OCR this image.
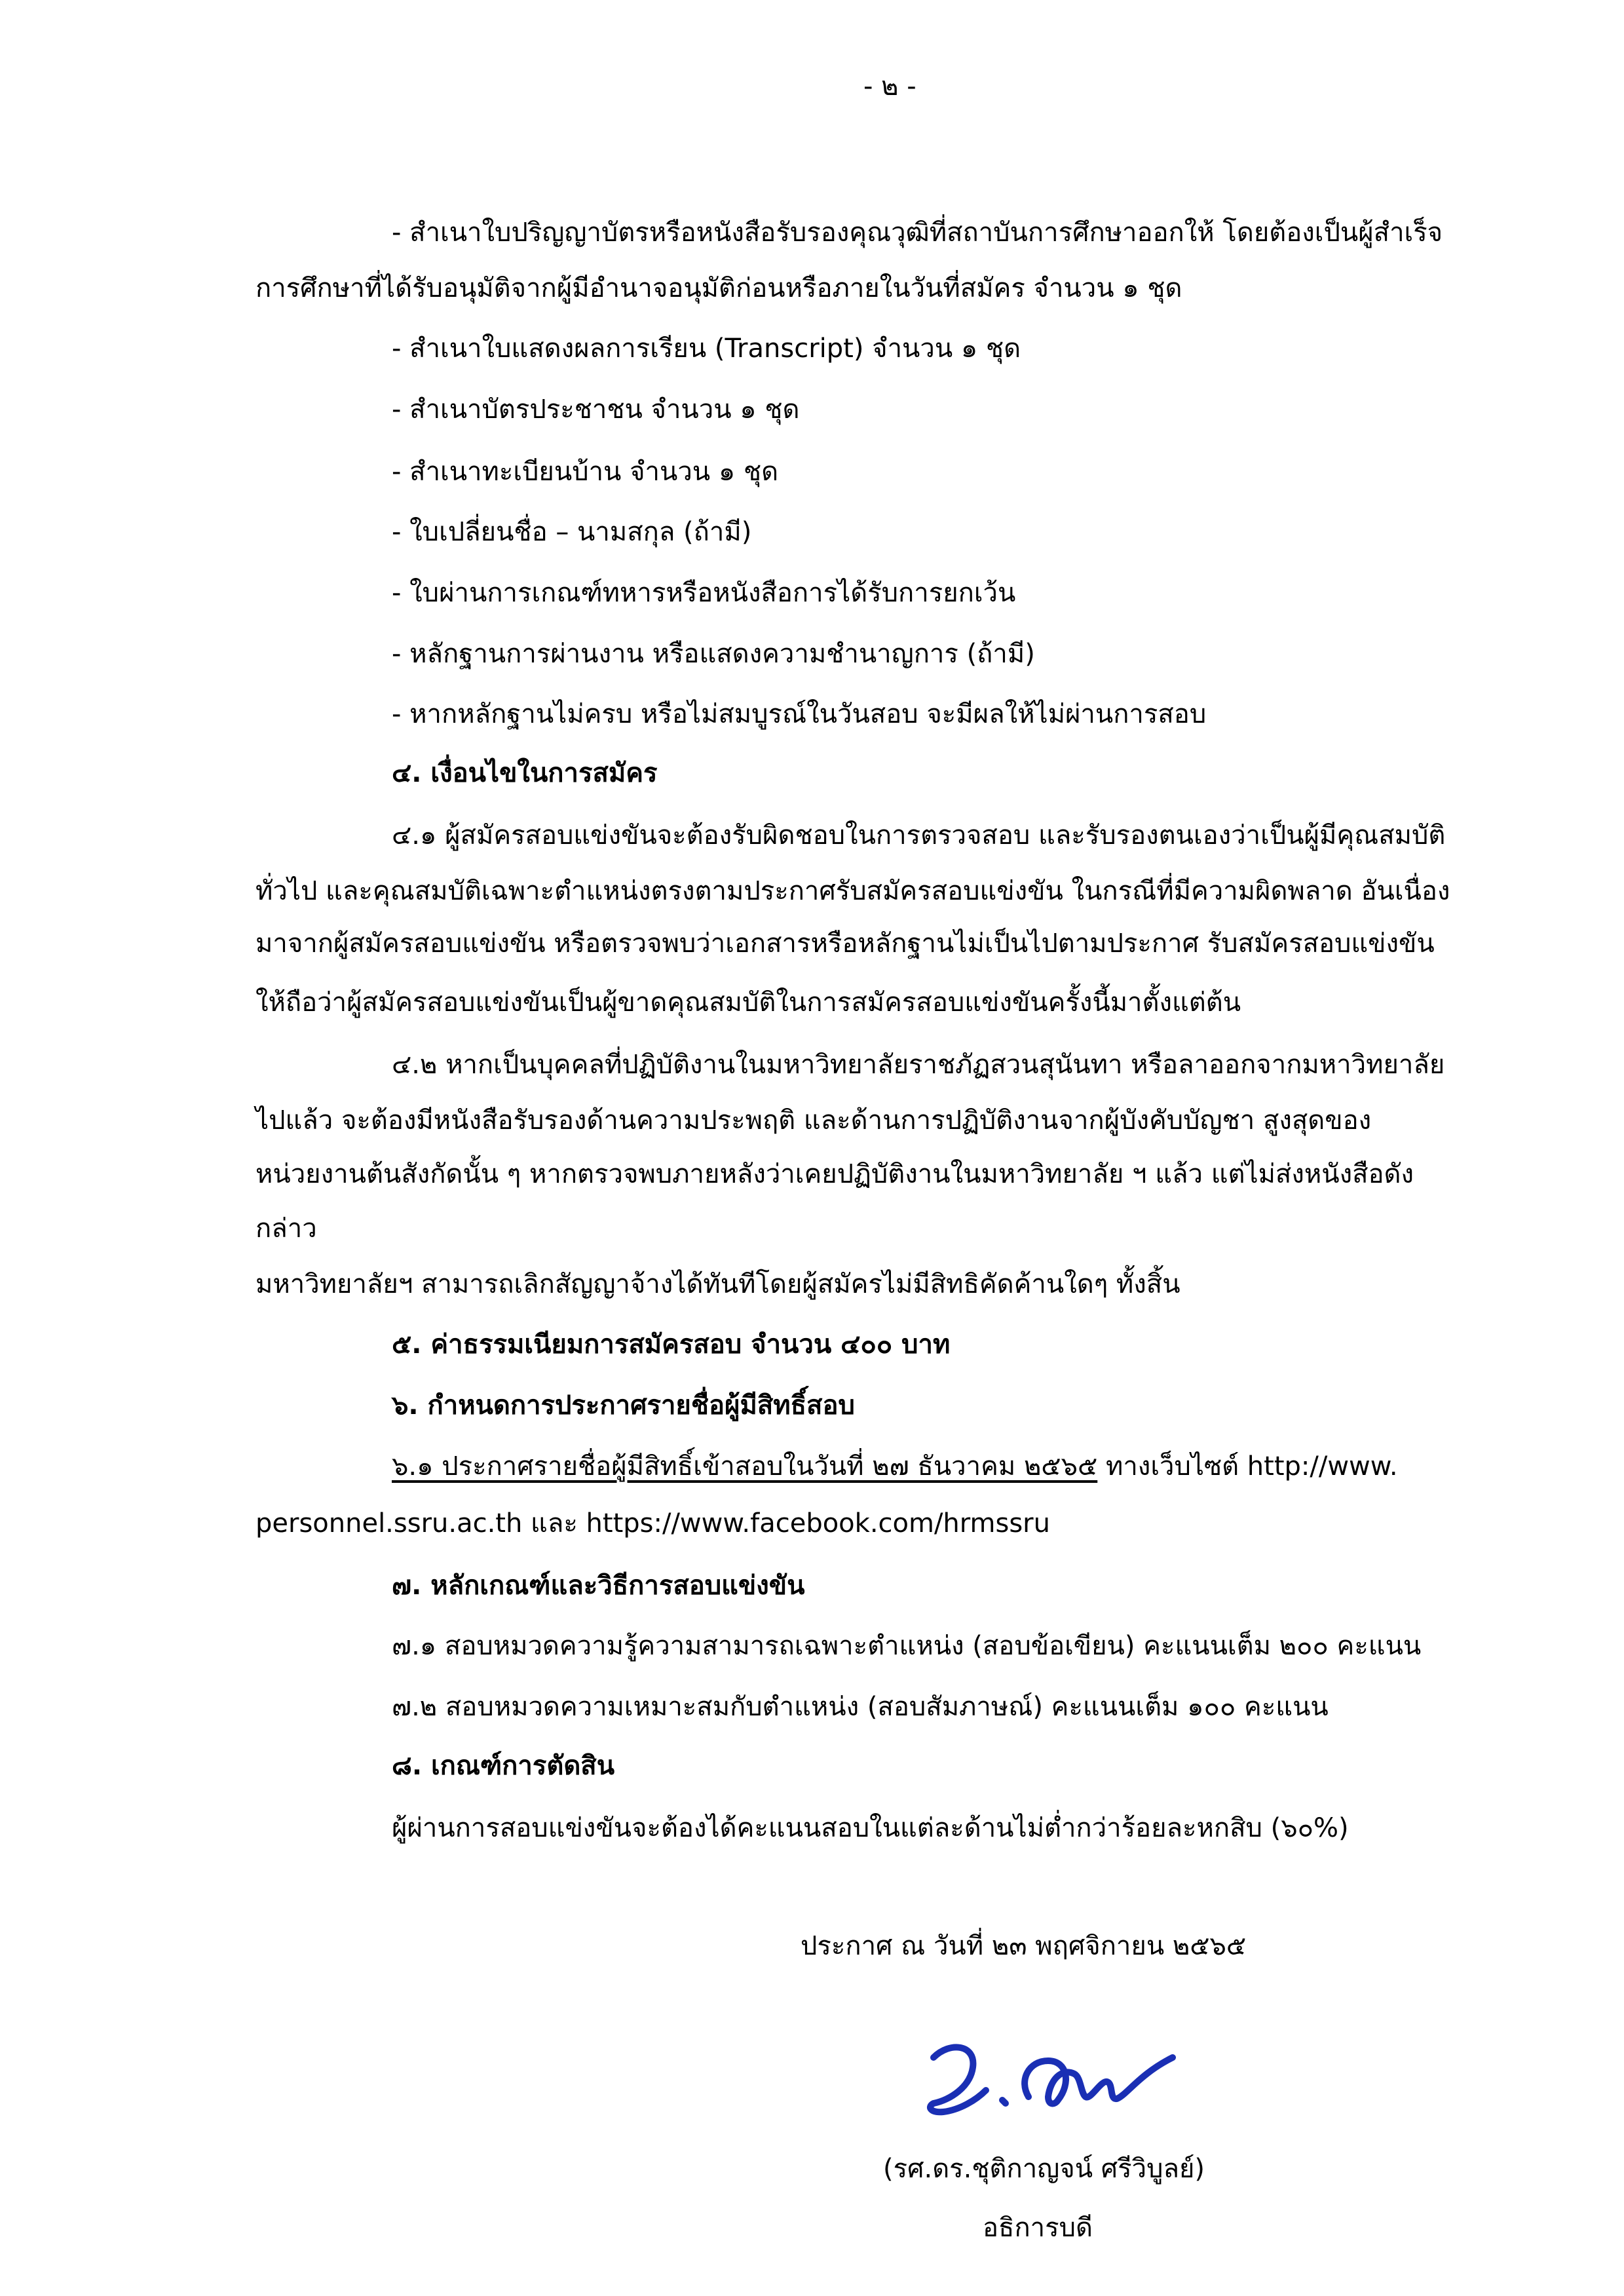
- ๒ -
- สำเนาใบปริญญาบัตรหรือหนังสือรับรองคุณวุฒิที่สถาบันการศึกษาออกให้ โดยต้องเป็นผู้สำเร็จ
การศึกษาที่ได้รับอนุมัติจากผู้มีอำนาจอนุมัติก่อนหรือภายในวันที่สมัคร จำนวน ๑ ชุด
- สำเนาใบแสดงผลการเรียน (Transcript) จำนวน ๑ ชุด
- สำเนาบัตรประชาชน จำนวน ๑ ชุด
- สำเนาทะเบียนบ้าน จำนวน ๑ ชุด
- ใบเปลี่ยนชื่อ – นามสกุล (ถ้ามี)
- ใบผ่านการเกณฑ์ทหารหรือหนังสือการได้รับการยกเว้น
- หลักฐานการผ่านงาน หรือแสดงความชำนาญการ (ถ้ามี)
- หากหลักฐานไม่ครบ หรือไม่สมบูรณ์ในวันสอบ จะมีผลให้ไม่ผ่านการสอบ
๔. เงื่อนไขในการสมัคร
๔.๑ ผู้สมัครสอบแข่งขันจะต้องรับผิดชอบในการตรวจสอบ และรับรองตนเองว่าเป็นผู้มีคุณสมบัติ
ทั่วไป และคุณสมบัติเฉพาะตำแหน่งตรงตามประกาศรับสมัครสอบแข่งขัน ในกรณีที่มีความผิดพลาด อันเนื่อง
มาจากผู้สมัครสอบแข่งขัน หรือตรวจพบว่าเอกสารหรือหลักฐานไม่เป็นไปตามประกาศ รับสมัครสอบแข่งขัน
ให้ถือว่าผู้สมัครสอบแข่งขันเป็นผู้ขาดคุณสมบัติในการสมัครสอบแข่งขันครั้งนี้มาตั้งแต่ต้น
๔.๒ หากเป็นบุคคลที่ปฏิบัติงานในมหาวิทยาลัยราชภัฏสวนสุนันทา หรือลาออกจากมหาวิทยาลัย
ไปแล้ว จะต้องมีหนังสือรับรองด้านความประพฤติ และด้านการปฏิบัติงานจากผู้บังคับบัญชา สูงสุดของ
หน่วยงานต้นสังกัดนั้น ๆ หากตรวจพบภายหลังว่าเคยปฏิบัติงานในมหาวิทยาลัย ฯ แล้ว แต่ไม่ส่งหนังสือดัง
กล่าว
มหาวิทยาลัยฯ สามารถเลิกสัญญาจ้างได้ทันทีโดยผู้สมัครไม่มีสิทธิคัดค้านใดๆ ทั้งสิ้น
๕. ค่าธรรมเนียมการสมัครสอบ จำนวน ๔๐๐ บาท
๖. กำหนดการประกาศรายชื่อผู้มีสิทธิ์สอบ
๖.๑ ประกาศรายชื่อผู้มีสิทธิ์เข้าสอบในวันที่ ๒๗ ธันวาคม ๒๕๖๕ ทางเว็บไซต์ http://www.
personnel.ssru.ac.th และ https://www.facebook.com/hrmssru
๗. หลักเกณฑ์และวิธีการสอบแข่งขัน
๗.๑ สอบหมวดความรู้ความสามารถเฉพาะตำแหน่ง (สอบข้อเขียน) คะแนนเต็ม ๒๐๐ คะแนน
๗.๒ สอบหมวดความเหมาะสมกับตำแหน่ง (สอบสัมภาษณ์) คะแนนเต็ม ๑๐๐ คะแนน
๘. เกณฑ์การตัดสิน
ผู้ผ่านการสอบแข่งขันจะต้องได้คะแนนสอบในแต่ละด้านไม่ต่ำกว่าร้อยละหกสิบ (๖๐%)
ประกาศ ณ วันที่ ๒๓ พฤศจิกายน ๒๕๖๕
(รศ.ดร.ชุติกาญจน์ ศรีวิบูลย์)
อธิการบดี
